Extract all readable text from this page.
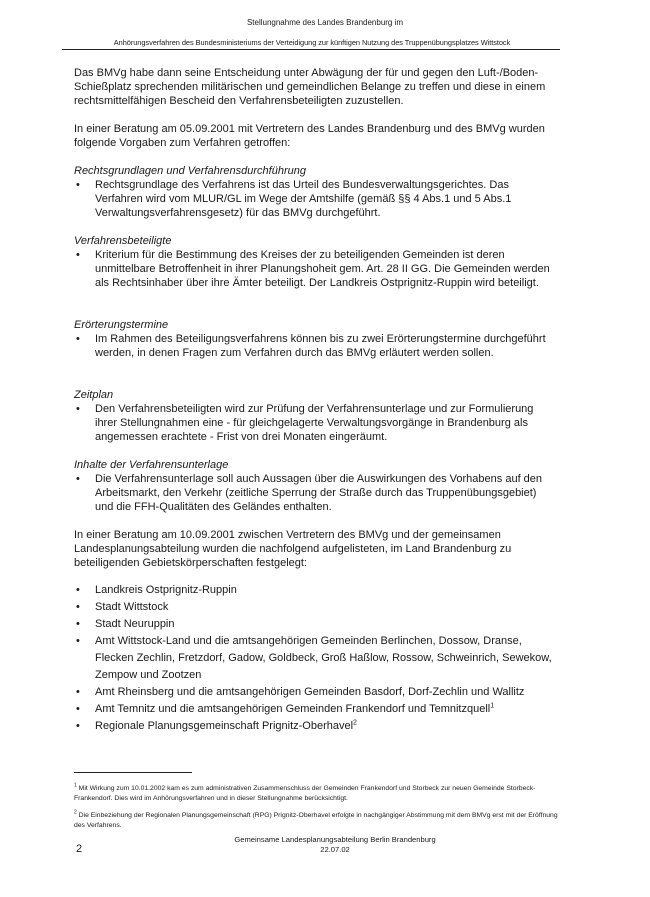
Stellungnahme des Landes Brandenburg im
Anhörungsverfahren des Bundesministeriums der Verteidigung zur künftigen Nutzung des Truppenübungsplatzes Wittstock

Das BMVg habe dann seine Entscheidung unter Abwägung der für und gegen den Luft-/Boden-Schießplatz sprechenden militärischen und gemeindlichen Belange zu treffen und diese in einem rechtsmittelfähigen Bescheid den Verfahrensbeteiligten zuzustellen.

In einer Beratung am 05.09.2001 mit Vertretern des Landes Brandenburg und des BMVg wurden folgende Vorgaben zum Verfahren getroffen:

Rechtsgrundlagen und Verfahrensdurchführung

• Rechtsgrundlage des Verfahrens ist das Urteil des Bundesverwaltungsgerichtes. Das Verfahren wird vom MLUR/GL im Wege der Amtshilfe (gemäß §§ 4 Abs.1 und 5 Abs.1 Verwaltungsverfahrensgesetz) für das BMVg durchgeführt.

Verfahrensbeteiligte

• Kriterium für die Bestimmung des Kreises der zu beteiligenden Gemeinden ist deren unmittelbare Betroffenheit in ihrer Planungshoheit gem. Art. 28 II GG. Die Gemeinden werden als Rechtsinhaber über ihre Ämter beteiligt. Der Landkreis Ostprignitz-Ruppin wird beteiligt.

Erörterungstermine

• Im Rahmen des Beteiligungsverfahrens können bis zu zwei Erörterungstermine durchgeführt werden, in denen Fragen zum Verfahren durch das BMVg erläutert werden sollen.

Zeitplan

• Den Verfahrensbeteiligten wird zur Prüfung der Verfahrensunterlage und zur Formulierung ihrer Stellungnahmen eine - für gleichgelagerte Verwaltungsvorgänge in Brandenburg als angemessen erachtete - Frist von drei Monaten eingeräumt.

Inhalte der Verfahrensunterlage

• Die Verfahrensunterlage soll auch Aussagen über die Auswirkungen des Vorhabens auf den Arbeitsmarkt, den Verkehr (zeitliche Sperrung der Straße durch das Truppenübungsgebiet) und die FFH-Qualitäten des Geländes enthalten.

In einer Beratung am 10.09.2001 zwischen Vertretern des BMVg und der gemeinsamen Landesplanungsabteilung wurden die nachfolgend aufgelisteten, im Land Brandenburg zu beteiligenden Gebietskörperschaften festgelegt:

• Landkreis Ostprignitz-Ruppin

• Stadt Wittstock

• Stadt Neuruppin

• Amt Wittstock-Land und die amtsangehörigen Gemeinden Berlinchen, Dossow, Dranse, Flecken Zechlin, Fretzdorf, Gadow, Goldbeck, Groß Haßlow, Rossow, Schweinrich, Sewekow, Zempow und Zootzen

• Amt Rheinsberg und die amtsangehörigen Gemeinden Basdorf, Dorf-Zechlin und Wallitz

• Amt Temnitz und die amtsangehörigen Gemeinden Frankendorf und Temnitzquell$^1$

• Regionale Planungsgemeinschaft Prignitz-Oberhavel$^2$

$^1$ Mit Wirkung zum 10.01.2002 kam es zum administrativen Zusammenschluss der Gemeinden Frankendorf und Storbeck zur neuen Gemeinde Storbeck-Frankendorf. Dies wird im Anhörungsverfahren und in dieser Stellungnahme berücksichtigt.
$^2$ Die Einbeziehung der Regionalen Planungsgemeinschaft (RPG) Prignitz-Oberhavel erfolgte in nachgängiger Abstimmung mit dem BMVg erst mit der Eröffnung des Verfahrens.
2
Gemeinsame Landesplanungsabteilung Berlin Brandenburg
22.07.02
